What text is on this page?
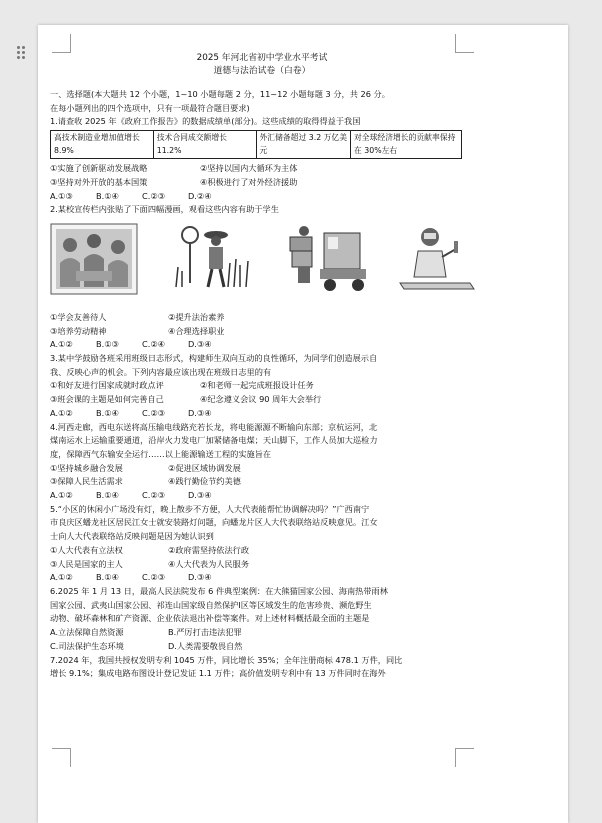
2025 年河北省初中学业水平考试
道德与法治试卷（白卷）
一、选择题(本大题共 12 个小题，1~10 小题每题 2 分，11~12 小题每题 3 分，共 26 分。
在每小题列出的四个选项中，只有一项最符合题目要求)
1.请查收 2025 年《政府工作报告》的数据成绩单(部分)。这些成绩的取得得益于我国
高技术制造业增加值增长 8.9%	技术合同成交额增长 11.2%	外汇储备超过 3.2 万亿美元	对全球经济增长的贡献率保持在 30%左右
①实施了创新驱动发展战略	②坚持以国内大循环为主体
③坚持对外开放的基本国策	④积极进行了对外经济援助
A.①③	B.①④	C.②③	D.②④
2.某校宣传栏内张贴了下面四幅漫画，观看这些内容有助于学生
①学会友善待人	②提升法治素养
③培养劳动精神	④合理选择职业
A.①②	B.①③	C.②④	D.③④
3.某中学鼓励各班采用班级日志形式，构建师生双向互动的良性循环，为同学们创造展示自
我、反映心声的机会。下列内容最应该出现在班级日志里的有
①和好友进行国家成就时政点评	②和老师一起完成班报设计任务
③班会课的主题是如何完善自己	④纪念遵义会议 90 周年大会举行
A.①②	B.①④	C.②③	D.③④
4.河西走廊，西电东送将高压输电线路充若长龙，将电能源源不断输向东部；京杭运河，北
煤南运水上运输重要通道，沿岸火力发电厂加紧储备电煤；天山脚下，工作人员加大巡检力
度，保障西气东输安全运行……以上能源输送工程的实施旨在
①坚持城乡融合发展	②促进区域协调发展
③保障人民生活需求	④践行勤俭节约美德
A.①②	B.①④	C.②③	D.③④
5.“小区的休闲小广场没有灯，晚上散步不方便，人大代表能帮忙协调解决吗？”广西南宁
市良庆区蟠龙社区居民江女士就安装路灯问题，向蟠龙片区人大代表联络站反映意见。江女
士向人大代表联络站反映问题是因为她认识到
①人大代表有立法权	②政府需坚持依法行政
③人民是国家的主人	④人大代表为人民服务
A.①②	B.①④	C.②③	D.③④
6.2025 年 1 月 13 日，最高人民法院发布 6 件典型案例：在大熊猫国家公园、海南热带雨林
国家公园、武夷山国家公园、祁连山国家级自然保护Ⅰ区等区域发生的危害珍贵、濒危野生
动物、破坏森林和矿产资源、企业依法退出补偿等案件。对上述材料概括最全面的主题是
A.立法保障自然资源	B.严厉打击违法犯罪
C.司法保护生态环境	D.人类需要敬畏自然
7.2024 年，我国共授权发明专利 1045 万件，同比增长 35%；全年注册商标 478.1 万件，同比
增长 9.1%；集成电路布图设计登记发证 1.1 万件；高价值发明专利中有 13 万件同时在海外
